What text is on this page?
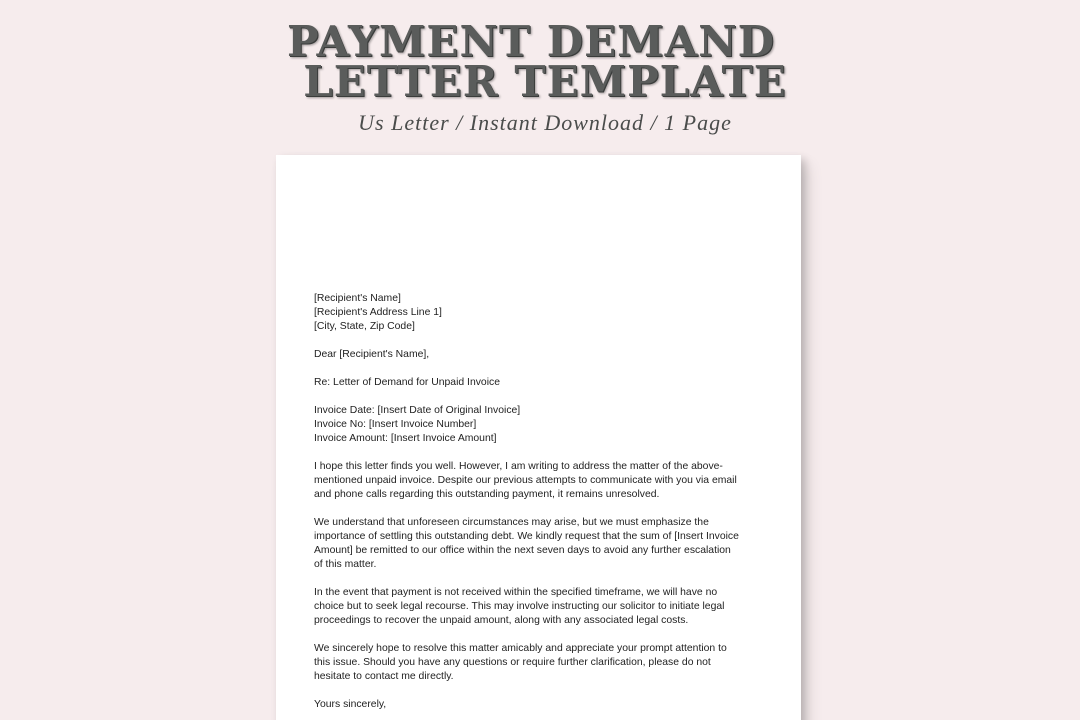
PAYMENT DEMAND
LETTER TEMPLATE
Us Letter / Instant Download / 1 Page
[Recipient's Name]
[Recipient's Address Line 1]
[City, State, Zip Code]
Dear [Recipient's Name],
Re: Letter of Demand for Unpaid Invoice
Invoice Date: [Insert Date of Original Invoice]
Invoice No: [Insert Invoice Number]
Invoice Amount: [Insert Invoice Amount]
I hope this letter finds you well. However, I am writing to address the matter of the above-
mentioned unpaid invoice. Despite our previous attempts to communicate with you via email
and phone calls regarding this outstanding payment, it remains unresolved.
We understand that unforeseen circumstances may arise, but we must emphasize the
importance of settling this outstanding debt. We kindly request that the sum of [Insert Invoice
Amount] be remitted to our office within the next seven days to avoid any further escalation
of this matter.
In the event that payment is not received within the specified timeframe, we will have no
choice but to seek legal recourse. This may involve instructing our solicitor to initiate legal
proceedings to recover the unpaid amount, along with any associated legal costs.
We sincerely hope to resolve this matter amicably and appreciate your prompt attention to
this issue. Should you have any questions or require further clarification, please do not
hesitate to contact me directly.
Yours sincerely,
